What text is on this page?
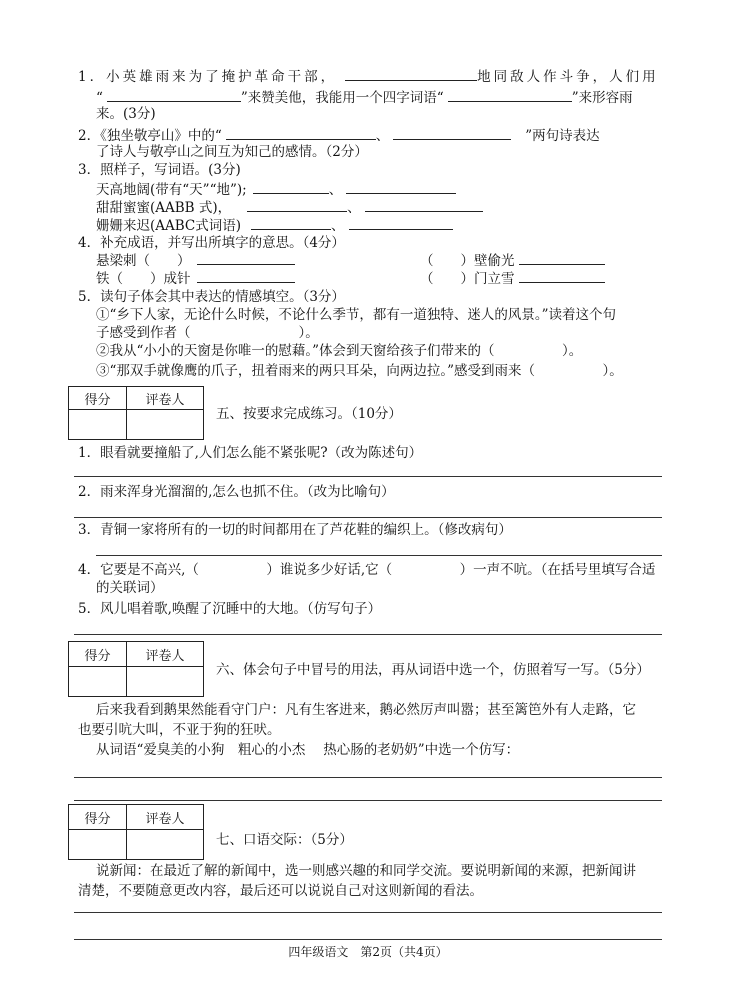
1．小英雄雨来为了掩护革命干部，	地同敌人作斗争，人们用
“	”来赞美他，我能用一个四字词语“	”来形容雨
来。(3分)
2．《独坐敬亭山》中的“	、	”两句诗表达
了诗人与敬亭山之间互为知己的感情。（2分）
3．照样子，写词语。(3分)
天高地阔(带有“天”“地”);	、
甜甜蜜蜜(AABB 式)，	、
姗姗来迟(AABC式词语)	、
4．补充成语，并写出所填字的意思。（4分）
悬梁刺（　　）	（　　）壁偷光
铁（　　）成针	（　　）门立雪
5．读句子体会其中表达的情感填空。（3分）
①“乡下人家，无论什么时候，不论什么季节，都有一道独特、迷人的风景。”读着这个句
子感受到作者（　　　　　　　　）。
②我从“小小的天窗是你唯一的慰藉。”体会到天窗给孩子们带来的（　　　　　）。
③“那双手就像鹰的爪子，扭着雨来的两只耳朵，向两边拉。”感受到雨来（　　　　　）。
得分	评卷人

五、按要求完成练习。（10分）
1．眼看就要撞船了,人们怎么能不紧张呢?（改为陈述句）
2．雨来浑身光溜溜的,怎么也抓不住。（改为比喻句）
3．青铜一家将所有的一切的时间都用在了芦花鞋的编织上。（修改病句）
4．它要是不高兴,（　　　　　）谁说多少好话,它（　　　　　）一声不吭。（在括号里填写合适
的关联词）
5．风儿唱着歌,唤醒了沉睡中的大地。（仿写句子）
得分	评卷人

六、体会句子中冒号的用法，再从词语中选一个，仿照着写一写。（5分）
后来我看到鹅果然能看守门户：凡有生客进来，鹅必然厉声叫嚣；甚至篱笆外有人走路，它
也要引吭大叫，不亚于狗的狂吠。
从词语“爱臭美的小狗　粗心的小杰　 热心肠的老奶奶”中选一个仿写：
得分	评卷人

七、口语交际：（5分）
说新闻：在最近了解的新闻中，选一则感兴趣的和同学交流。要说明新闻的来源，把新闻讲
清楚，不要随意更改内容，最后还可以说说自己对这则新闻的看法。
四年级语文　第2页（共4页）
